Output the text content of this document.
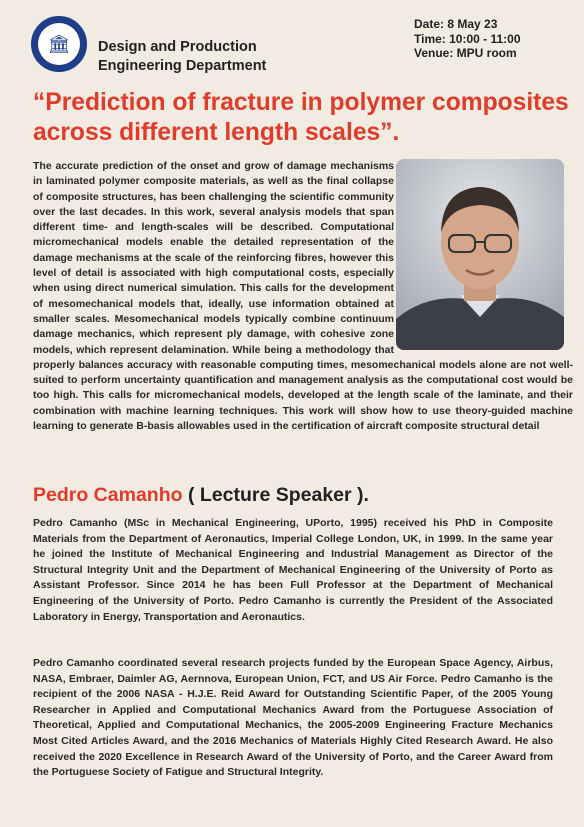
🏛	Design and Production
Engineering Department
Date: 8 May 23
Time: 10:00 - 11:00
Venue: MPU room
“Prediction of fracture in polymer composites across different length scales”.

The accurate prediction of the onset and grow of damage mechanisms in laminated polymer composite materials, as well as the final collapse of composite structures, has been challenging the scientific community over the last decades. In this work, several analysis models that span different time- and length-scales will be described. Computational micromechanical models enable the detailed representation of the damage mechanisms at the scale of the reinforcing fibres, however this level of detail is associated with high computational costs, especially when using direct numerical simulation. This calls for the development of mesomechanical models that, ideally, use information obtained at smaller scales. Mesomechanical models typically combine continuum damage mechanics, which represent ply damage, with cohesive zone models, which represent delamination. While being a methodology that properly balances accuracy with reasonable computing times, mesomechanical models alone are not well-suited to perform uncertainty quantification and management analysis as the computational cost would be too high. This calls for micromechanical models, developed at the length scale of the laminate, and their combination with machine learning techniques. This work will show how to use theory-guided machine learning to generate B-basis allowables used in the certification of aircraft composite structural detail

Pedro Camanho ( Lecture Speaker ).

Pedro Camanho (MSc in Mechanical Engineering, UPorto, 1995) received his PhD in Composite Materials from the Department of Aeronautics, Imperial College London, UK, in 1999. In the same year he joined the Institute of Mechanical Engineering and Industrial Management as Director of the Structural Integrity Unit and the Department of Mechanical Engineering of the University of Porto as Assistant Professor. Since 2014 he has been Full Professor at the Department of Mechanical Engineering of the University of Porto. Pedro Camanho is currently the President of the Associated Laboratory in Energy, Transportation and Aeronautics.

Pedro Camanho coordinated several research projects funded by the European Space Agency, Airbus, NASA, Embraer, Daimler AG, Aernnova, European Union, FCT, and US Air Force. Pedro Camanho is the recipient of the 2006 NASA - H.J.E. Reid Award for Outstanding Scientific Paper, of the 2005 Young Researcher in Applied and Computational Mechanics Award from the Portuguese Association of Theoretical, Applied and Computational Mechanics, the 2005-2009 Engineering Fracture Mechanics Most Cited Articles Award, and the 2016 Mechanics of Materials Highly Cited Research Award. He also received the 2020 Excellence in Research Award of the University of Porto, and the Career Award from the Portuguese Society of Fatigue and Structural Integrity.
